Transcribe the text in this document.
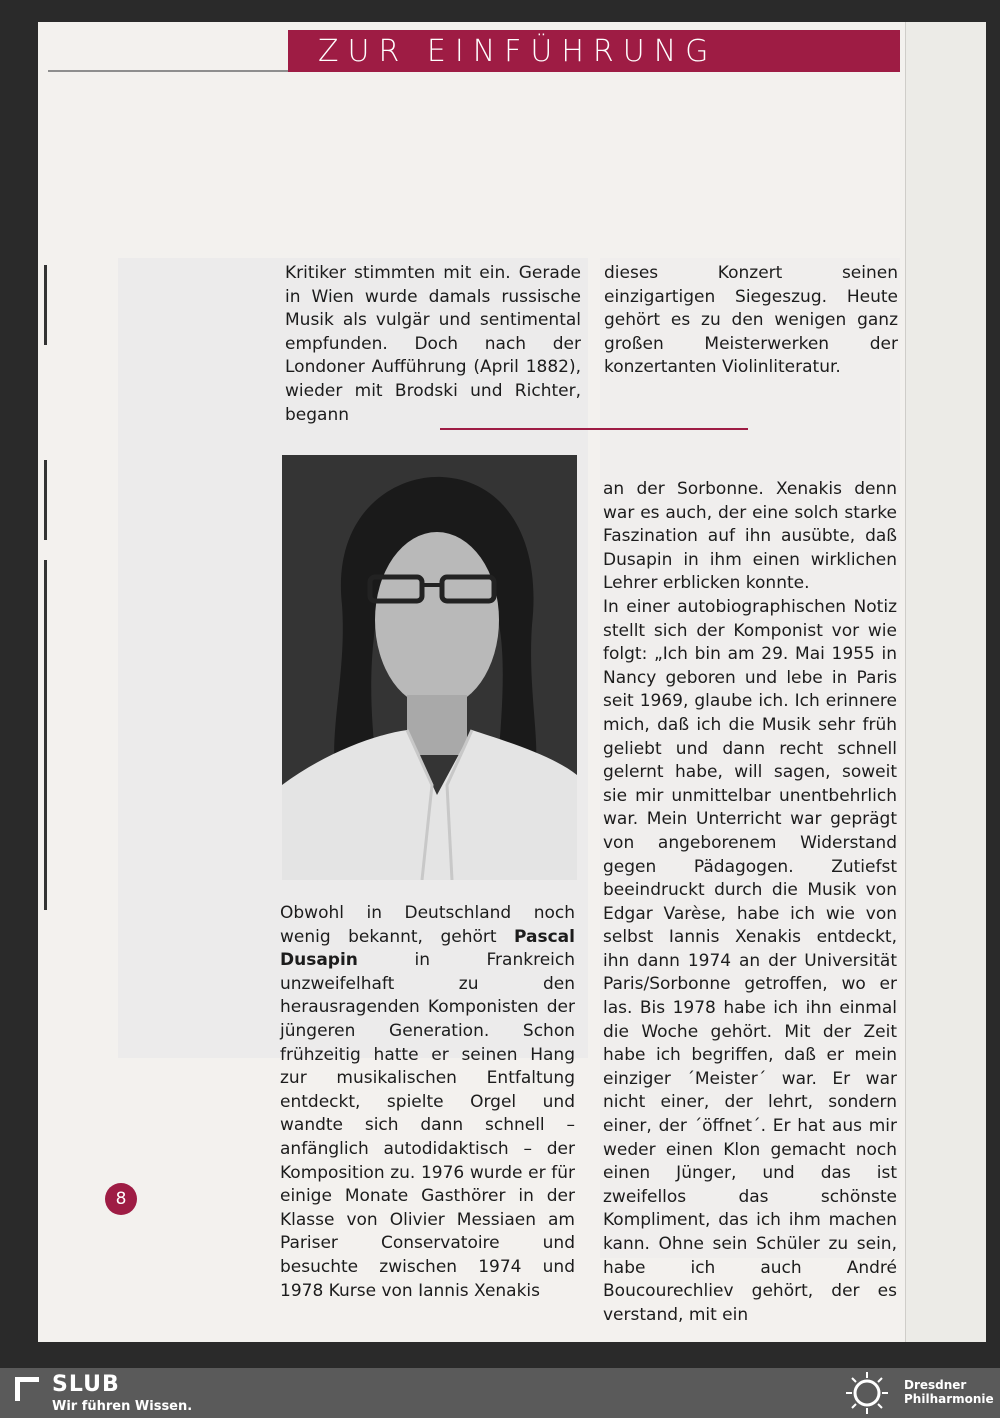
ZUR EINFÜHRUNG

Kritiker stimmten mit ein. Gerade in Wien wurde damals russische Musik als vulgär und sentimental empfunden. Doch nach der Londoner Aufführung (April 1882), wieder mit Brodski und Richter, begann

dieses Konzert seinen einzigartigen Siegeszug. Heute gehört es zu den wenigen ganz großen Meisterwerken der konzertanten Violinliteratur.

Obwohl in Deutschland noch wenig bekannt, gehört Pascal Dusapin	in Frankreich unzweifelhaft zu den herausragenden Komponisten der jüngeren Generation. Schon frühzeitig hatte er seinen Hang zur musikalischen Entfaltung entdeckt, spielte Orgel und wandte sich dann schnell – anfänglich autodidaktisch – der Komposition zu. 1976 wurde er für einige Monate Gasthörer in der Klasse von Olivier Messiaen am Pariser Conservatoire und besuchte zwischen 1974 und 1978 Kurse von Iannis Xenakis

an der Sorbonne. Xenakis denn war es auch, der eine solch starke Faszination auf ihn ausübte, daß Dusapin in ihm einen wirklichen Lehrer erblicken konnte.

In einer autobiographischen Notiz stellt sich der Komponist vor wie folgt: „Ich bin am 29. Mai 1955 in Nancy geboren und lebe in Paris seit 1969, glaube ich. Ich erinnere mich, daß ich die Musik sehr früh geliebt und dann recht schnell gelernt habe, will sagen, soweit sie mir unmittelbar unentbehrlich war. Mein Unterricht war geprägt von angeborenem Widerstand gegen Pädagogen. Zutiefst beeindruckt durch die Musik von Edgar Varèse, habe ich wie von selbst Iannis Xenakis entdeckt, ihn dann 1974 an der Universität Paris/Sorbonne getroffen, wo er las. Bis 1978 habe ich ihn einmal die Woche gehört. Mit der Zeit habe ich begriffen, daß er mein einziger ´Meister´ war. Er war nicht einer, der lehrt, sondern einer, der ´öffnet´. Er hat aus mir weder einen Klon gemacht noch einen Jünger, und das ist zweifellos das schönste Kompliment, das ich ihm machen kann. Ohne sein Schüler zu sein, habe ich auch André Boucourechliev gehört, der es verstand, mit ein

8
SLUB
Wir führen Wissen.
Dresdner
Philharmonie
